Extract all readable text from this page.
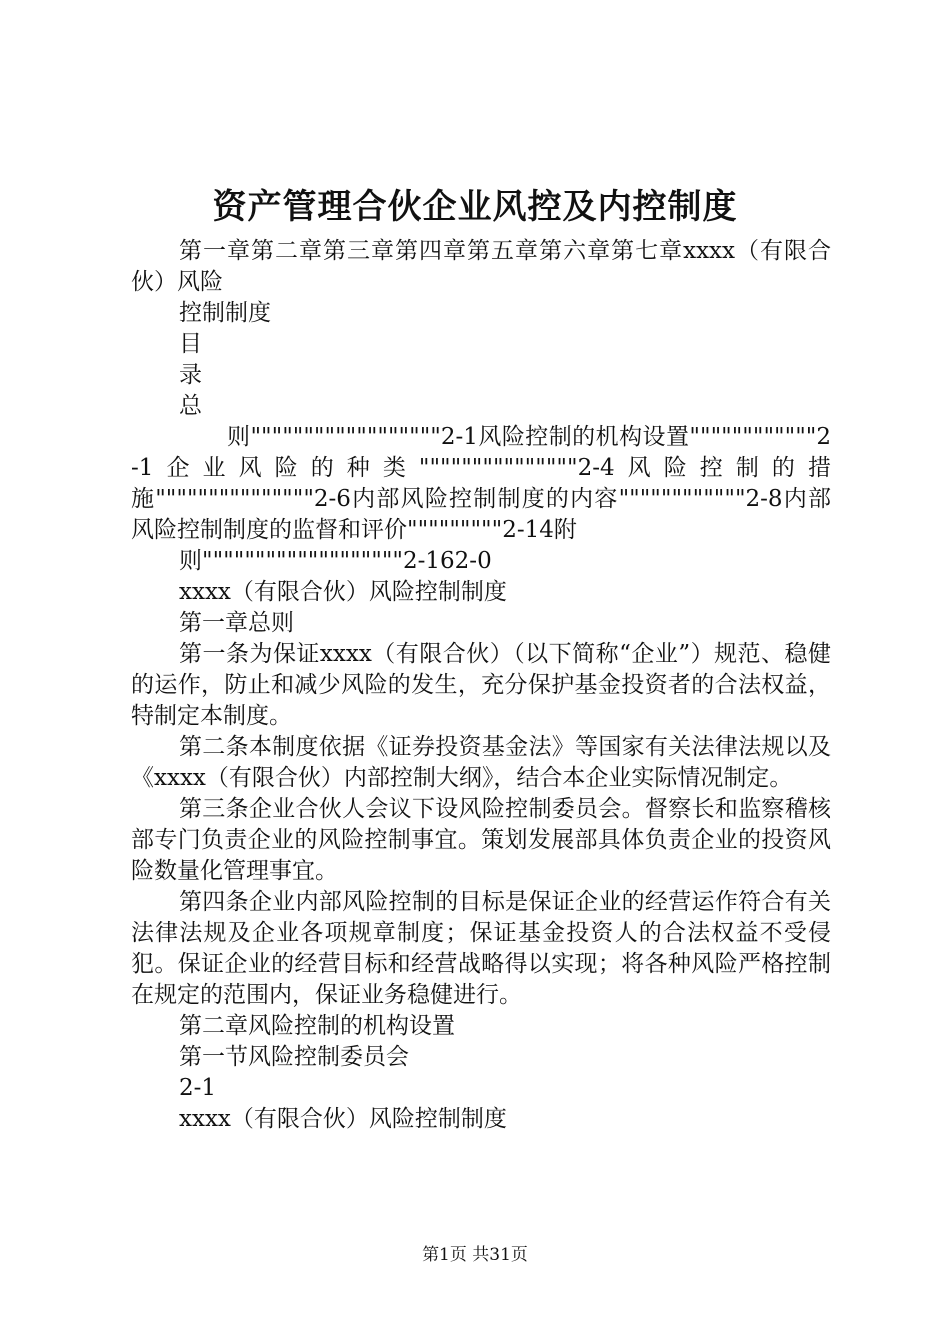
资产管理合伙企业风控及内控制度

第一章第二章第三章第四章第五章第六章第七章xxxx（有限合伙）风险

控制制度

目

录

总

则""""""""""""""""""2-1风险控制的机构设置""""""""""""2-1企业风险的种类"""""""""""""""2-4风险控制的措施"""""""""""""""2-6内部风险控制制度的内容""""""""""""2-8内部风险控制制度的监督和评价"""""""""2-14附

则"""""""""""""""""""2-162-0

xxxx（有限合伙）风险控制制度

第一章总则

第一条为保证xxxx（有限合伙）（以下简称“企业”）规范、稳健的运作，防止和减少风险的发生，充分保护基金投资者的合法权益，特制定本制度。

第二条本制度依据《证券投资基金法》等国家有关法律法规以及《xxxx（有限合伙）内部控制大纲》，结合本企业实际情况制定。

第三条企业合伙人会议下设风险控制委员会。督察长和监察稽核部专门负责企业的风险控制事宜。策划发展部具体负责企业的投资风险数量化管理事宜。

第四条企业内部风险控制的目标是保证企业的经营运作符合有关法律法规及企业各项规章制度；保证基金投资人的合法权益不受侵犯。保证企业的经营目标和经营战略得以实现；将各种风险严格控制在规定的范围内，保证业务稳健进行。

第二章风险控制的机构设置

第一节风险控制委员会

2-1

xxxx（有限合伙）风险控制制度

第1页 共31页
